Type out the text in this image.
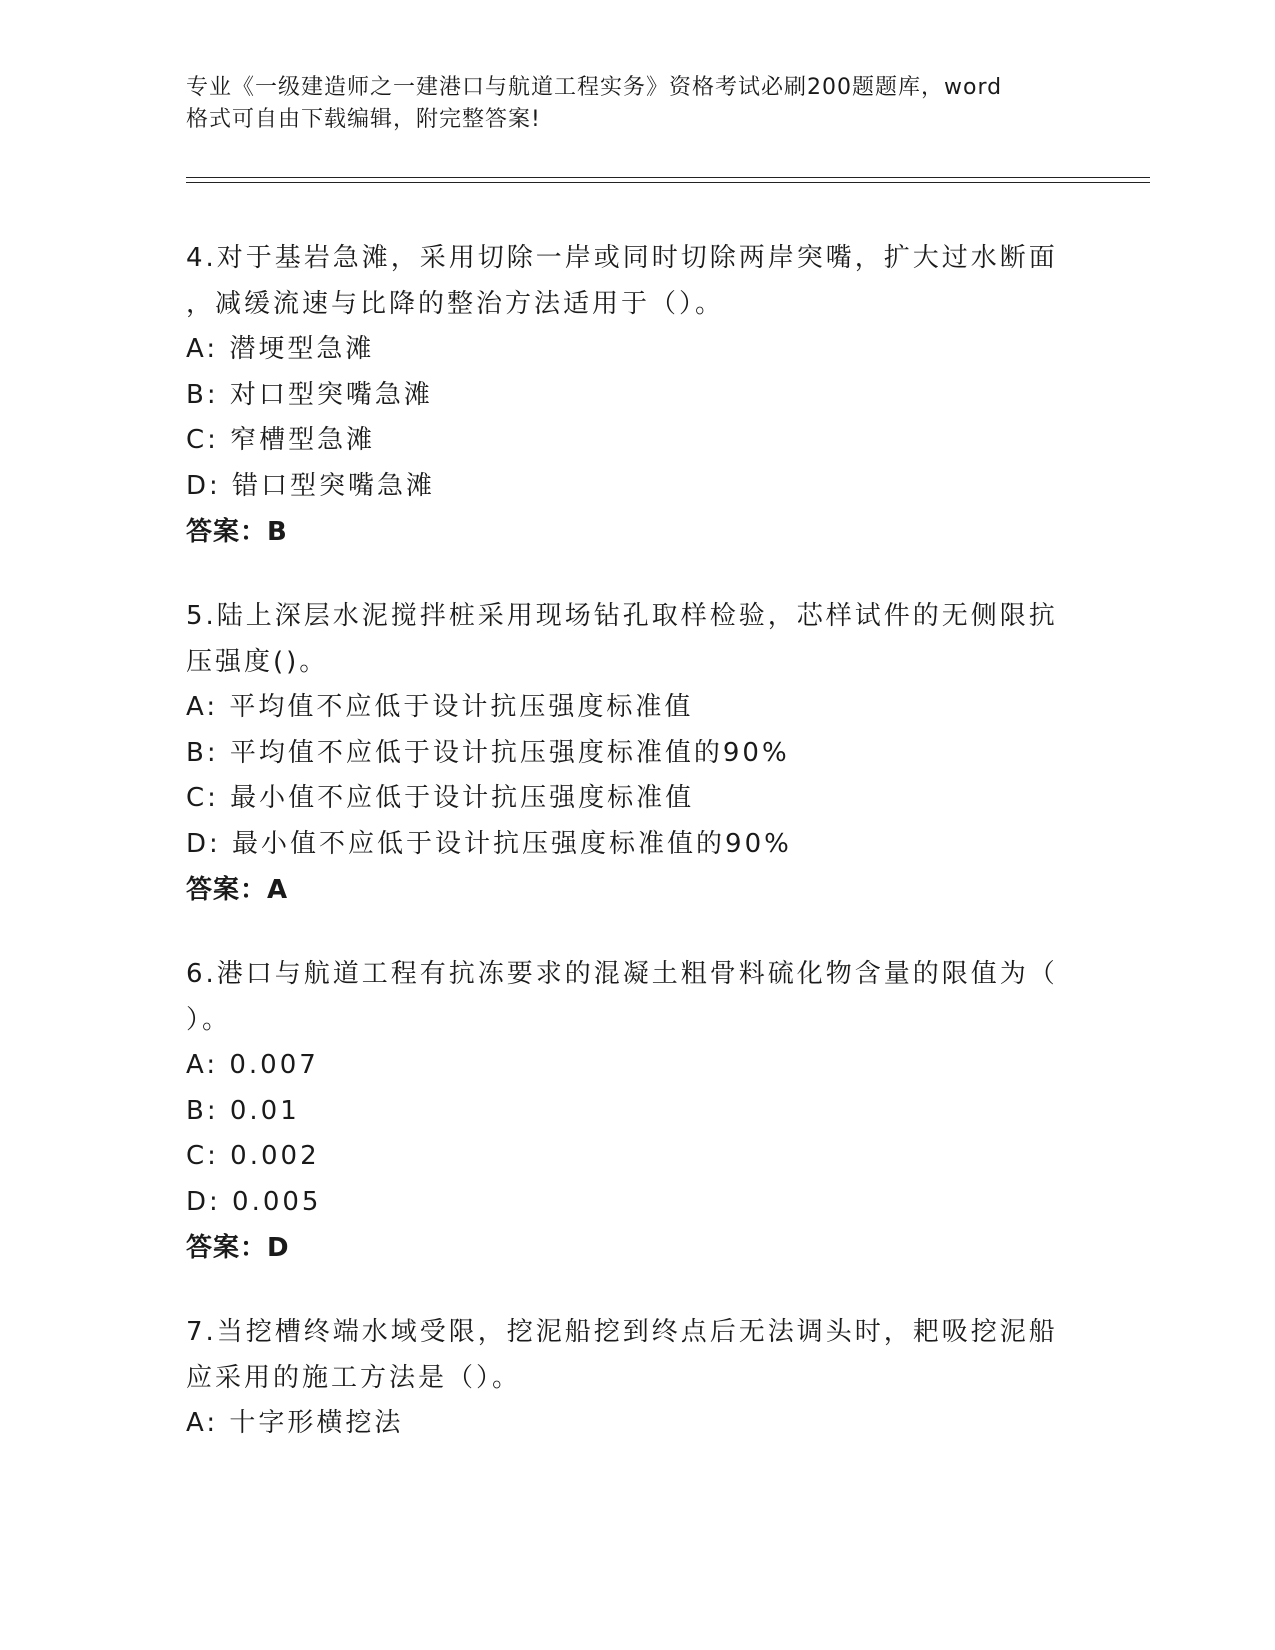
专业《一级建造师之一建港口与航道工程实务》资格考试必刷200题题库，word
格式可自由下载编辑，附完整答案!
4.对于基岩急滩，采用切除一岸或同时切除两岸突嘴，扩大过水断面
，减缓流速与比降的整治方法适用于（）。
A: 潜埂型急滩
B: 对口型突嘴急滩
C: 窄槽型急滩
D: 错口型突嘴急滩
答案：B
5.陆上深层水泥搅拌桩采用现场钻孔取样检验，芯样试件的无侧限抗
压强度()。
A: 平均值不应低于设计抗压强度标准值
B: 平均值不应低于设计抗压强度标准值的90%
C: 最小值不应低于设计抗压强度标准值
D: 最小值不应低于设计抗压强度标准值的90%
答案：A
6.港口与航道工程有抗冻要求的混凝土粗骨料硫化物含量的限值为（
）。
A: 0.007
B: 0.01
C: 0.002
D: 0.005
答案：D
7.当挖槽终端水域受限，挖泥船挖到终点后无法调头时，耙吸挖泥船
应采用的施工方法是（）。
A: 十字形横挖法
